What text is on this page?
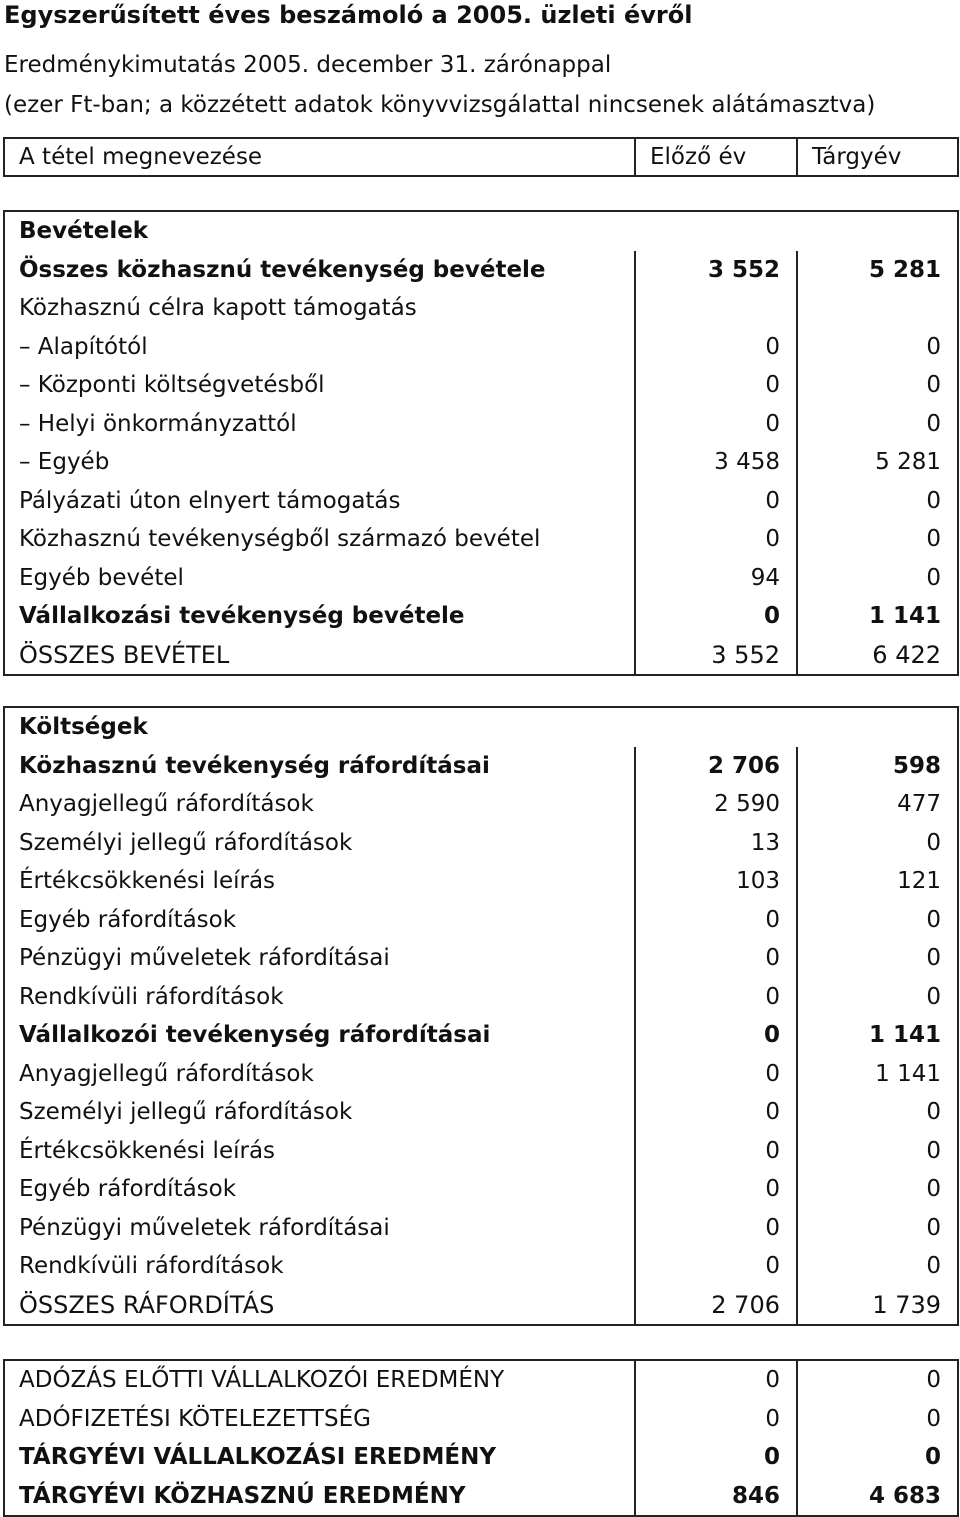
Egyszerűsített éves beszámoló a 2005. üzleti évről
Eredménykimutatás 2005. december 31. zárónappal
(ezer Ft-ban; a közzétett adatok könyvvizsgálattal nincsenek alátámasztva)
A tétel megnevezése	Előző év	Tárgyév
Bevételek		
Összes közhasznú tevékenység bevétele	3 552	5 281
Közhasznú célra kapott támogatás		
– Alapítótól	0	0
– Központi költségvetésből	0	0
– Helyi önkormányzattól	0	0
– Egyéb	3 458	5 281
Pályázati úton elnyert támogatás	0	0
Közhasznú tevékenységből származó bevétel	0	0
Egyéb bevétel	94	0
Vállalkozási tevékenység bevétele	0	1 141
ÖSSZES BEVÉTEL	3 552	6 422
Költségek		
Közhasznú tevékenység ráfordításai	2 706	598
Anyagjellegű ráfordítások	2 590	477
Személyi jellegű ráfordítások	13	0
Értékcsökkenési leírás	103	121
Egyéb ráfordítások	0	0
Pénzügyi műveletek ráfordításai	0	0
Rendkívüli ráfordítások	0	0
Vállalkozói tevékenység ráfordításai	0	1 141
Anyagjellegű ráfordítások	0	1 141
Személyi jellegű ráfordítások	0	0
Értékcsökkenési leírás	0	0
Egyéb ráfordítások	0	0
Pénzügyi műveletek ráfordításai	0	0
Rendkívüli ráfordítások	0	0
ÖSSZES RÁFORDÍTÁS	2 706	1 739
ADÓZÁS ELŐTTI VÁLLALKOZÓI EREDMÉNY	0	0
ADÓFIZETÉSI KÖTELEZETTSÉG	0	0
TÁRGYÉVI VÁLLALKOZÁSI EREDMÉNY	0	0
TÁRGYÉVI KÖZHASZNÚ EREDMÉNY	846	4 683
